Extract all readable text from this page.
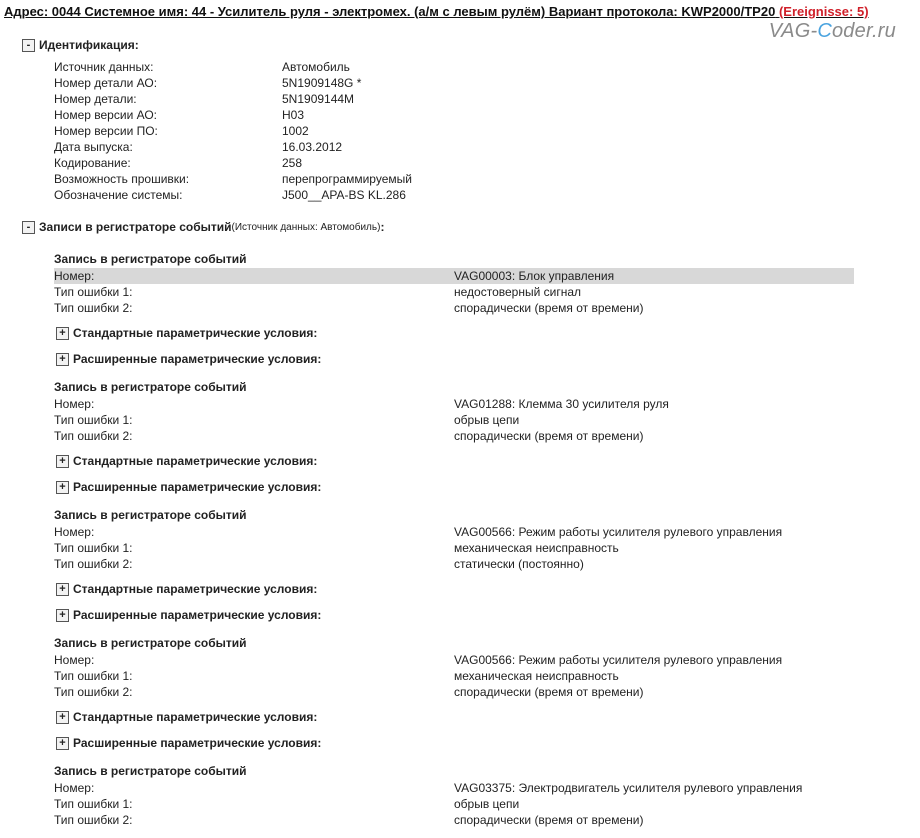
Адрес: 0044 Системное имя: 44 - Усилитель руля - электромех. (а/м с левым рулём) Вариант протокола: KWP2000/TP20 (Ereignisse: 5)
VAG-Coder.ru
- Идентификация:
Источник данных:	Автомобиль
Номер детали АО:	5N1909148G *
Номер детали:	5N1909144M
Номер версии АО:	H03
Номер версии ПО:	1002
Дата выпуска:	16.03.2012
Кодирование:	258
Возможность прошивки:	перепрограммируемый
Обозначение системы:	J500__APA-BS KL.286
- Записи в регистраторе событий (Источник данных: Автомобиль) :
Запись в регистраторе событий
Номер:	VAG00003: Блок управления
Тип ошибки 1:	недостоверный сигнал
Тип ошибки 2:	спорадически (время от времени)
+ Стандартные параметрические условия:
+ Расширенные параметрические условия:
Запись в регистраторе событий
Номер:	VAG01288: Клемма 30 усилителя руля
Тип ошибки 1:	обрыв цепи
Тип ошибки 2:	спорадически (время от времени)
+ Стандартные параметрические условия:
+ Расширенные параметрические условия:
Запись в регистраторе событий
Номер:	VAG00566: Режим работы усилителя рулевого управления
Тип ошибки 1:	механическая неисправность
Тип ошибки 2:	статически (постоянно)
+ Стандартные параметрические условия:
+ Расширенные параметрические условия:
Запись в регистраторе событий
Номер:	VAG00566: Режим работы усилителя рулевого управления
Тип ошибки 1:	механическая неисправность
Тип ошибки 2:	спорадически (время от времени)
+ Стандартные параметрические условия:
+ Расширенные параметрические условия:
Запись в регистраторе событий
Номер:	VAG03375: Электродвигатель усилителя рулевого управления
Тип ошибки 1:	обрыв цепи
Тип ошибки 2:	спорадически (время от времени)
